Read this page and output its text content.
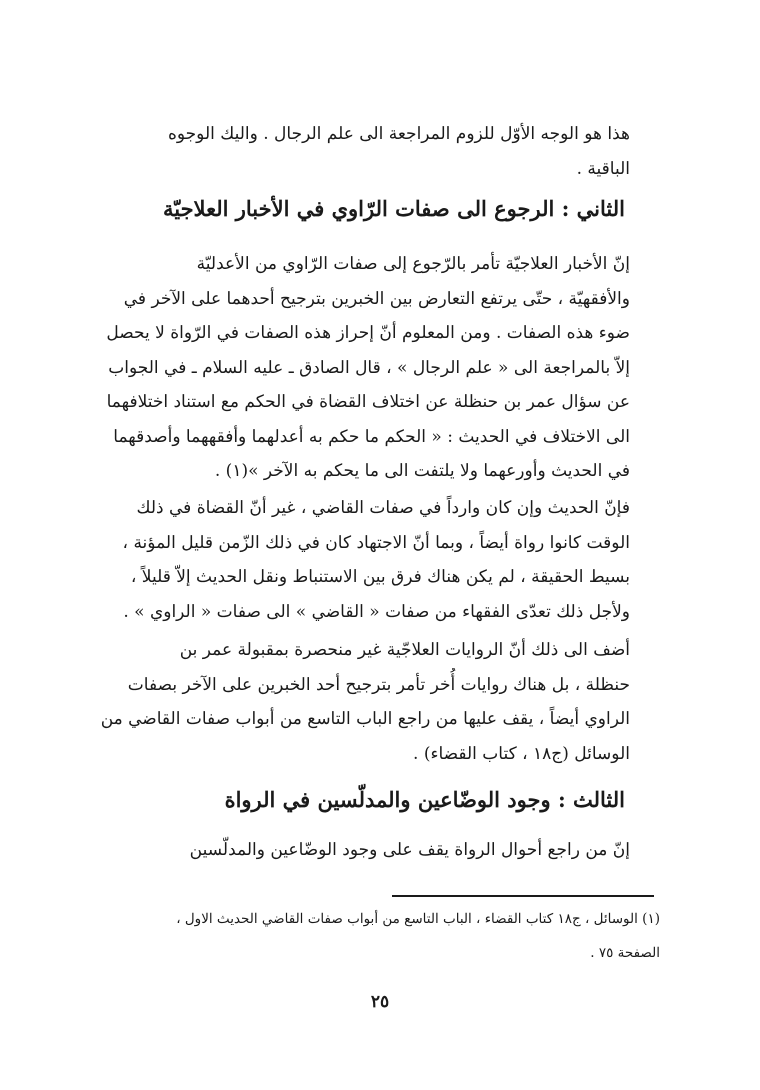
هذا هو الوجه الأوّل للزوم المراجعة الى علم الرجال . واليك الوجوه
الباقية .
الثاني : الرجوع الى صفات الرّاوي في الأخبار العلاجيّة
إنّ الأخبار العلاجيّة تأمر بالرّجوع إلى صفات الرّاوي من الأعدليّة
والأفقهيّة ، حتّى يرتفع التعارض بين الخبرين بترجيح أحدهما على الآخر في
ضوء هذه الصفات . ومن المعلوم أنّ إحراز هذه الصفات في الرّواة لا يحصل
إلاّ بالمراجعة الى « علم الرجال » ، قال الصادق ـ عليه السلام ـ في الجواب
عن سؤال عمر بن حنظلة عن اختلاف القضاة في الحكم مع استناد اختلافهما
الى الاختلاف في الحديث : « الحكم ما حكم به أعدلهما وأفقههما وأصدقهما
في الحديث وأورعهما ولا يلتفت الى ما يحكم به الآخر »(١) .
فإنّ الحديث وإن كان وارداً في صفات القاضي ، غير أنّ القضاة في ذلك
الوقت كانوا رواة أيضاً ، وبما أنّ الاجتهاد كان في ذلك الزّمن قليل المؤنة ،
بسيط الحقيقة ، لم يكن هناك فرق بين الاستنباط ونقل الحديث إلاّ قليلاً ،
ولأجل ذلك تعدّى الفقهاء من صفات « القاضي » الى صفات « الراوي » .
أضف الى ذلك أنّ الروايات العلاجّية غير منحصرة بمقبولة عمر بن
حنظلة ، بل هناك روايات أُخر تأمر بترجيح أحد الخبرين على الآخر بصفات
الراوي أيضاً ، يقف عليها من راجع الباب التاسع من أبواب صفات القاضي من
الوسائل (ج١٨ ، كتاب القضاء) .
الثالث : وجود الوضّاعين والمدلّسين في الرواة
إنّ من راجع أحوال الرواة يقف على وجود الوضّاعين والمدلّسين
(١) الوسائل ، ج١٨ كتاب القضاء ، الباب التاسع من أبواب صفات القاضي الحديث الاول ،
الصفحة ٧٥ .
٢٥
